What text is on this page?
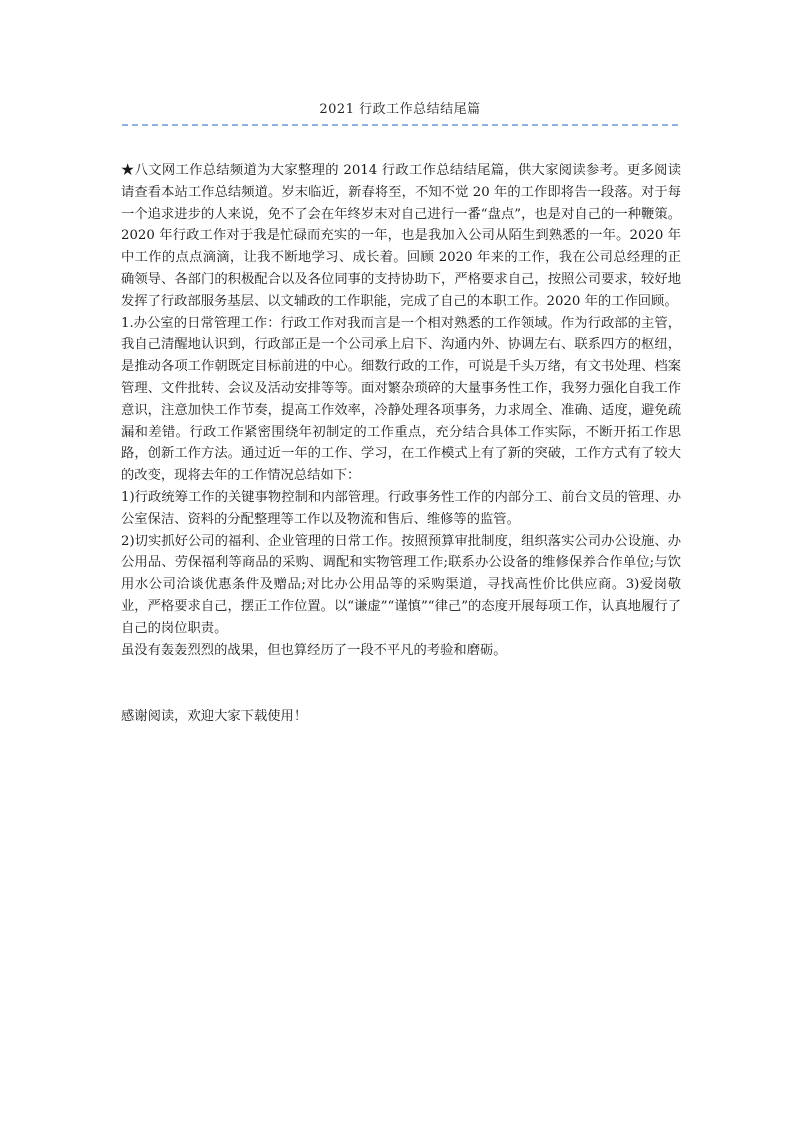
2021 行政工作总结结尾篇

★八文网工作总结频道为大家整理的 2014 行政工作总结结尾篇，供大家阅读参考。更多阅读请查看本站工作总结频道。岁末临近，新春将至，不知不觉 20 年的工作即将告一段落。对于每一个追求进步的人来说，免不了会在年终岁末对自己进行一番“盘点”，也是对自己的一种鞭策。2020 年行政工作对于我是忙碌而充实的一年，也是我加入公司从陌生到熟悉的一年。2020 年中工作的点点滴滴，让我不断地学习、成长着。回顾 2020 年来的工作，我在公司总经理的正确领导、各部门的积极配合以及各位同事的支持协助下，严格要求自己，按照公司要求，较好地发挥了行政部服务基层、以文辅政的工作职能，完成了自己的本职工作。2020 年的工作回顾。

1.办公室的日常管理工作：行政工作对我而言是一个相对熟悉的工作领域。作为行政部的主管，我自己清醒地认识到，行政部正是一个公司承上启下、沟通内外、协调左右、联系四方的枢纽，是推动各项工作朝既定目标前进的中心。细数行政的工作，可说是千头万绪，有文书处理、档案管理、文件批转、会议及活动安排等等。面对繁杂琐碎的大量事务性工作，我努力强化自我工作意识，注意加快工作节奏，提高工作效率，冷静处理各项事务，力求周全、准确、适度，避免疏漏和差错。行政工作紧密围绕年初制定的工作重点，充分结合具体工作实际，不断开拓工作思路，创新工作方法。通过近一年的工作、学习，在工作模式上有了新的突破，工作方式有了较大的改变，现将去年的工作情况总结如下：

1)行政统筹工作的关键事物控制和内部管理。行政事务性工作的内部分工、前台文员的管理、办公室保洁、资料的分配整理等工作以及物流和售后、维修等的监管。

2)切实抓好公司的福利、企业管理的日常工作。按照预算审批制度，组织落实公司办公设施、办公用品、劳保福利等商品的采购、调配和实物管理工作;联系办公设备的维修保养合作单位;与饮用水公司洽谈优惠条件及赠品;对比办公用品等的采购渠道，寻找高性价比供应商。3)爱岗敬业，严格要求自己，摆正工作位置。以“谦虚”“谨慎”“律己”的态度开展每项工作，认真地履行了自己的岗位职责。

虽没有轰轰烈烈的战果，但也算经历了一段不平凡的考验和磨砺。

感谢阅读，欢迎大家下载使用！
